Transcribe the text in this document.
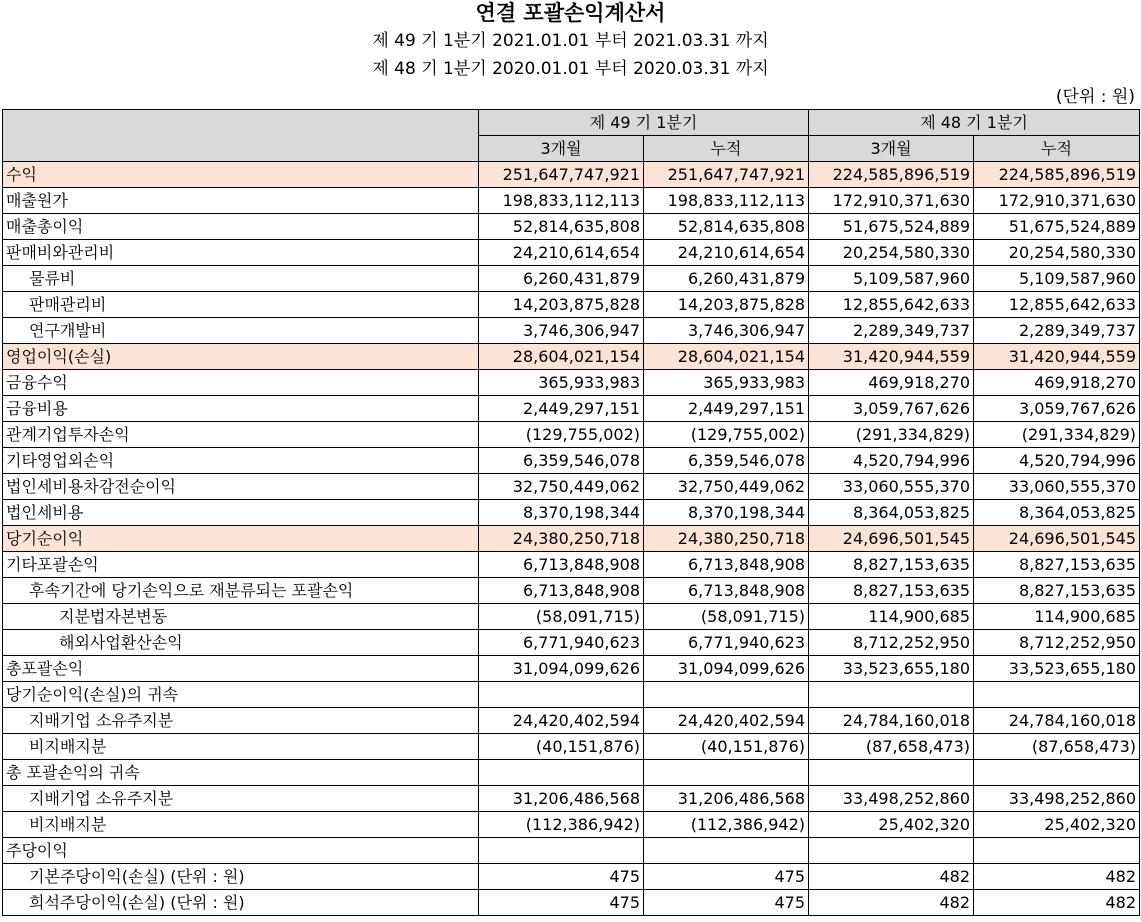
연결 포괄손익계산서
제 49 기 1분기 2021.01.01 부터 2021.03.31 까지
제 48 기 1분기 2020.01.01 부터 2020.03.31 까지
(단위 : 원)
	제 49 기 1분기		제 48 기 1분기	
	3개월	누적	3개월	누적
수익	251,647,747,921	251,647,747,921	224,585,896,519	224,585,896,519
매출원가	198,833,112,113	198,833,112,113	172,910,371,630	172,910,371,630
매출총이익	52,814,635,808	52,814,635,808	51,675,524,889	51,675,524,889
판매비와관리비	24,210,614,654	24,210,614,654	20,254,580,330	20,254,580,330
물류비	6,260,431,879	6,260,431,879	5,109,587,960	5,109,587,960
판매관리비	14,203,875,828	14,203,875,828	12,855,642,633	12,855,642,633
연구개발비	3,746,306,947	3,746,306,947	2,289,349,737	2,289,349,737
영업이익(손실)	28,604,021,154	28,604,021,154	31,420,944,559	31,420,944,559
금융수익	365,933,983	365,933,983	469,918,270	469,918,270
금융비용	2,449,297,151	2,449,297,151	3,059,767,626	3,059,767,626
관계기업투자손익	(129,755,002)	(129,755,002)	(291,334,829)	(291,334,829)
기타영업외손익	6,359,546,078	6,359,546,078	4,520,794,996	4,520,794,996
법인세비용차감전순이익	32,750,449,062	32,750,449,062	33,060,555,370	33,060,555,370
법인세비용	8,370,198,344	8,370,198,344	8,364,053,825	8,364,053,825
당기순이익	24,380,250,718	24,380,250,718	24,696,501,545	24,696,501,545
기타포괄손익	6,713,848,908	6,713,848,908	8,827,153,635	8,827,153,635
후속기간에 당기손익으로 재분류되는 포괄손익	6,713,848,908	6,713,848,908	8,827,153,635	8,827,153,635
지분법자본변동	(58,091,715)	(58,091,715)	114,900,685	114,900,685
해외사업환산손익	6,771,940,623	6,771,940,623	8,712,252,950	8,712,252,950
총포괄손익	31,094,099,626	31,094,099,626	33,523,655,180	33,523,655,180
당기순이익(손실)의 귀속				
지배기업 소유주지분	24,420,402,594	24,420,402,594	24,784,160,018	24,784,160,018
비지배지분	(40,151,876)	(40,151,876)	(87,658,473)	(87,658,473)
총 포괄손익의 귀속				
지배기업 소유주지분	31,206,486,568	31,206,486,568	33,498,252,860	33,498,252,860
비지배지분	(112,386,942)	(112,386,942)	25,402,320	25,402,320
주당이익				
기본주당이익(손실) (단위 : 원)	475	475	482	482
희석주당이익(손실) (단위 : 원)	475	475	482	482
